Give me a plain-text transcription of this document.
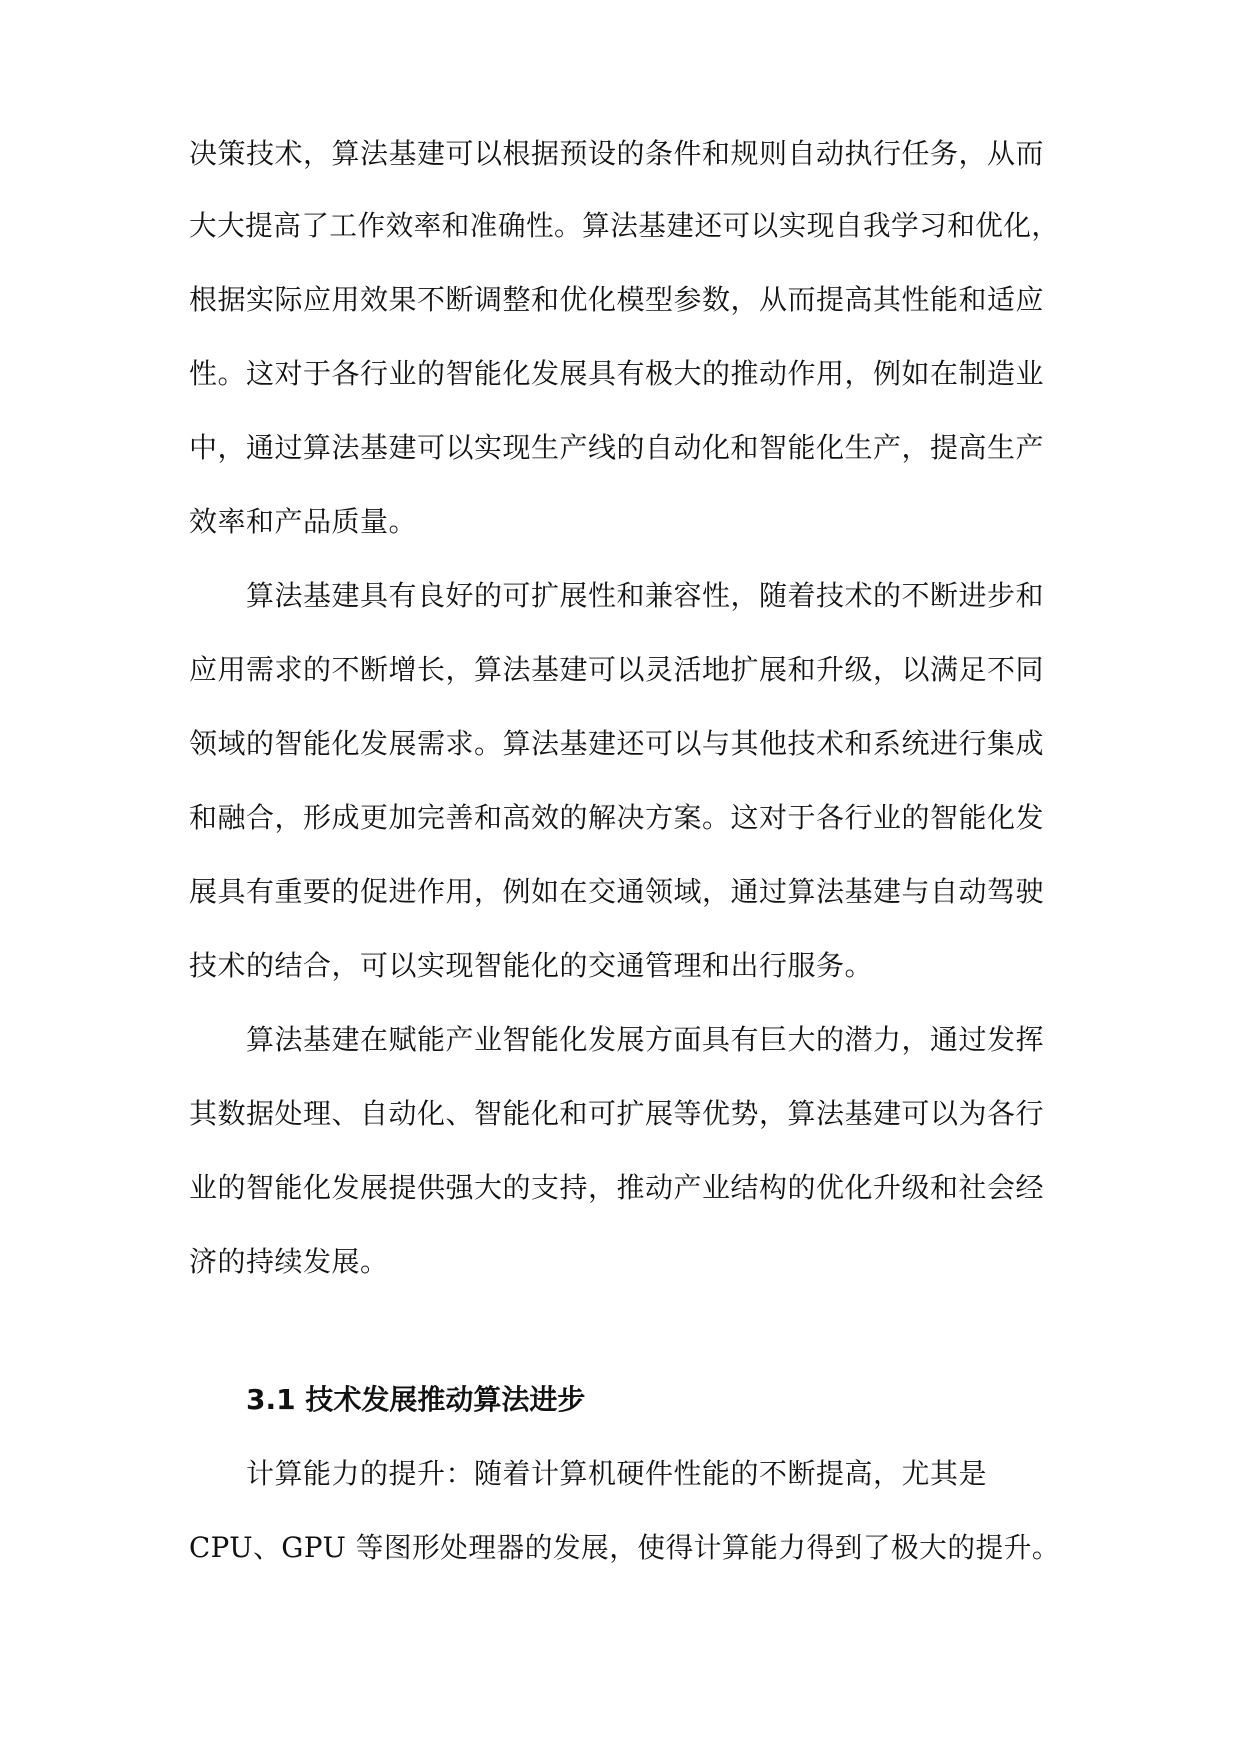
决策技术，算法基建可以根据预设的条件和规则自动执行任务，从而
大大提高了工作效率和准确性。算法基建还可以实现自我学习和优化，
根据实际应用效果不断调整和优化模型参数，从而提高其性能和适应
性。这对于各行业的智能化发展具有极大的推动作用，例如在制造业
中，通过算法基建可以实现生产线的自动化和智能化生产，提高生产
效率和产品质量。
算法基建具有良好的可扩展性和兼容性，随着技术的不断进步和
应用需求的不断增长，算法基建可以灵活地扩展和升级，以满足不同
领域的智能化发展需求。算法基建还可以与其他技术和系统进行集成
和融合，形成更加完善和高效的解决方案。这对于各行业的智能化发
展具有重要的促进作用，例如在交通领域，通过算法基建与自动驾驶
技术的结合，可以实现智能化的交通管理和出行服务。
算法基建在赋能产业智能化发展方面具有巨大的潜力，通过发挥
其数据处理、自动化、智能化和可扩展等优势，算法基建可以为各行
业的智能化发展提供强大的支持，推动产业结构的优化升级和社会经
济的持续发展。
3.1 技术发展推动算法进步
计算能力的提升：随着计算机硬件性能的不断提高，尤其是
CPU、GPU 等图形处理器的发展，使得计算能力得到了极大的提升。
